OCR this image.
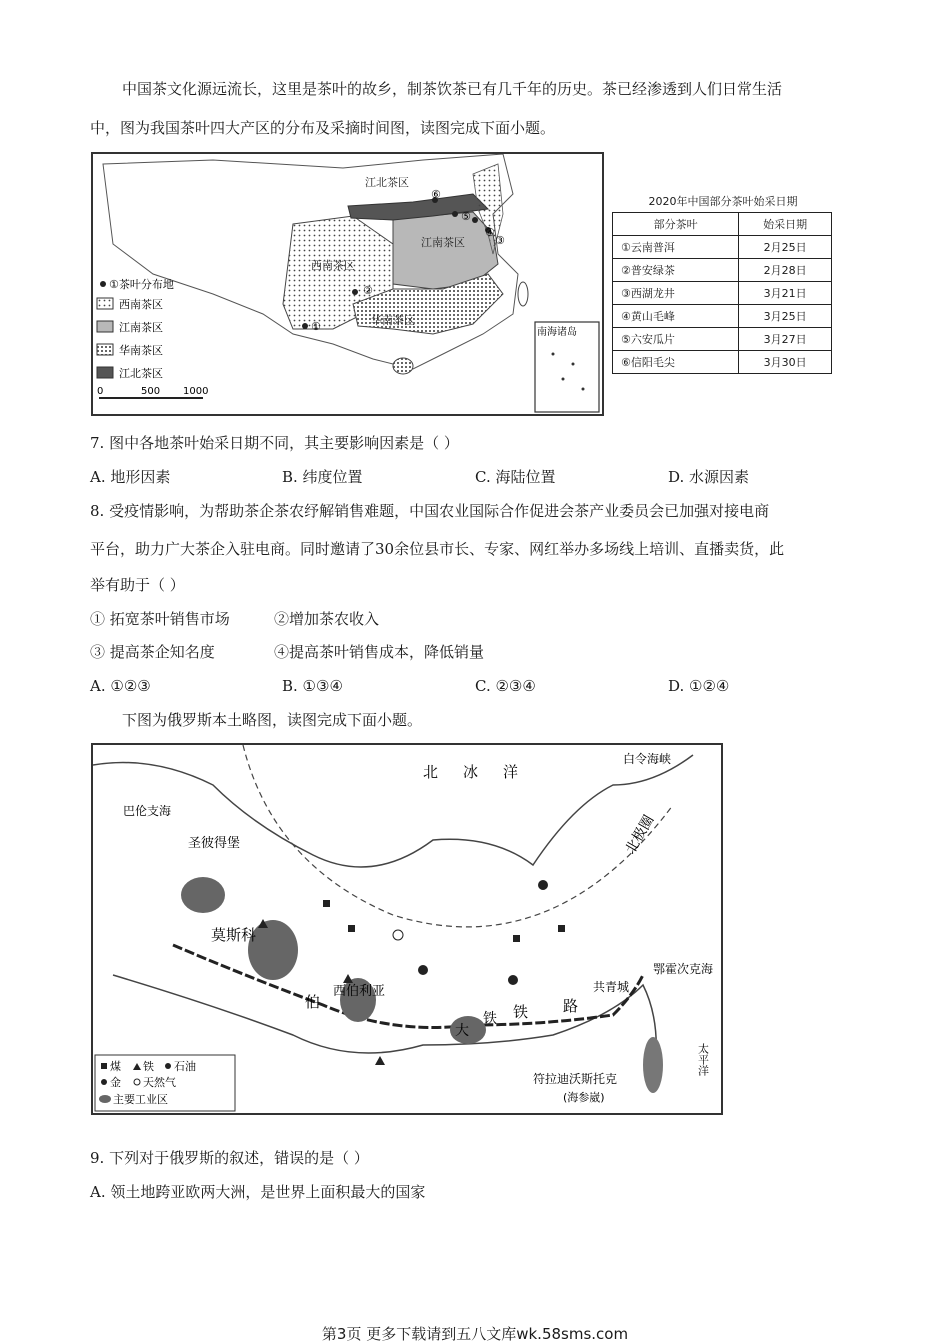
中国茶文化源远流长，这里是茶叶的故乡，制茶饮茶已有几千年的历史。茶已经渗透到人们日常生活
中，图为我国茶叶四大产区的分布及采摘时间图，读图完成下面小题。
江北茶区
西南茶区
江南茶区
华南茶区
①
②
③
④
⑤
⑥
①茶叶分布地
西南茶区
江南茶区
华南茶区
江北茶区
0	500 1000
南海诸岛
2020年中国部分茶叶始采日期
部分茶叶	始采日期
①云南普洱	2月25日
②普安绿茶	2月28日
③西湖龙井	3月21日
④黄山毛峰	3月25日
⑤六安瓜片	3月27日
⑥信阳毛尖	3月30日
7. 图中各地茶叶始采日期不同，其主要影响因素是（ ）
A. 地形因素	B. 纬度位置	C. 海陆位置	D. 水源因素
8. 受疫情影响，为帮助茶企茶农纾解销售难题，中国农业国际合作促进会茶产业委员会已加强对接电商
平台，助力广大茶企入驻电商。同时邀请了30余位县市长、专家、网红举办多场线上培训、直播卖货，此
举有助于（ ）
① 拓宽茶叶销售市场	②增加茶农收入
③ 提高茶企知名度	④提高茶叶销售成本，降低销量
A. ①②③	B. ①③④	C. ②③④	D. ①②④
下图为俄罗斯本土略图，读图完成下面小题。
北 冰 洋
白令海峡
北极圈
鄂霍次克海
太平洋
巴伦支海
圣彼得堡
莫斯科
伯
西伯利亚
铁 路
共青城
符拉迪沃斯托克
(海参崴)
大
铁
煤 铁 石油
金 天然气
主要工业区
9. 下列对于俄罗斯的叙述，错误的是（ ）
A. 领土地跨亚欧两大洲，是世界上面积最大的国家
第3页 更多下载请到五八文库wk.58sms.com
